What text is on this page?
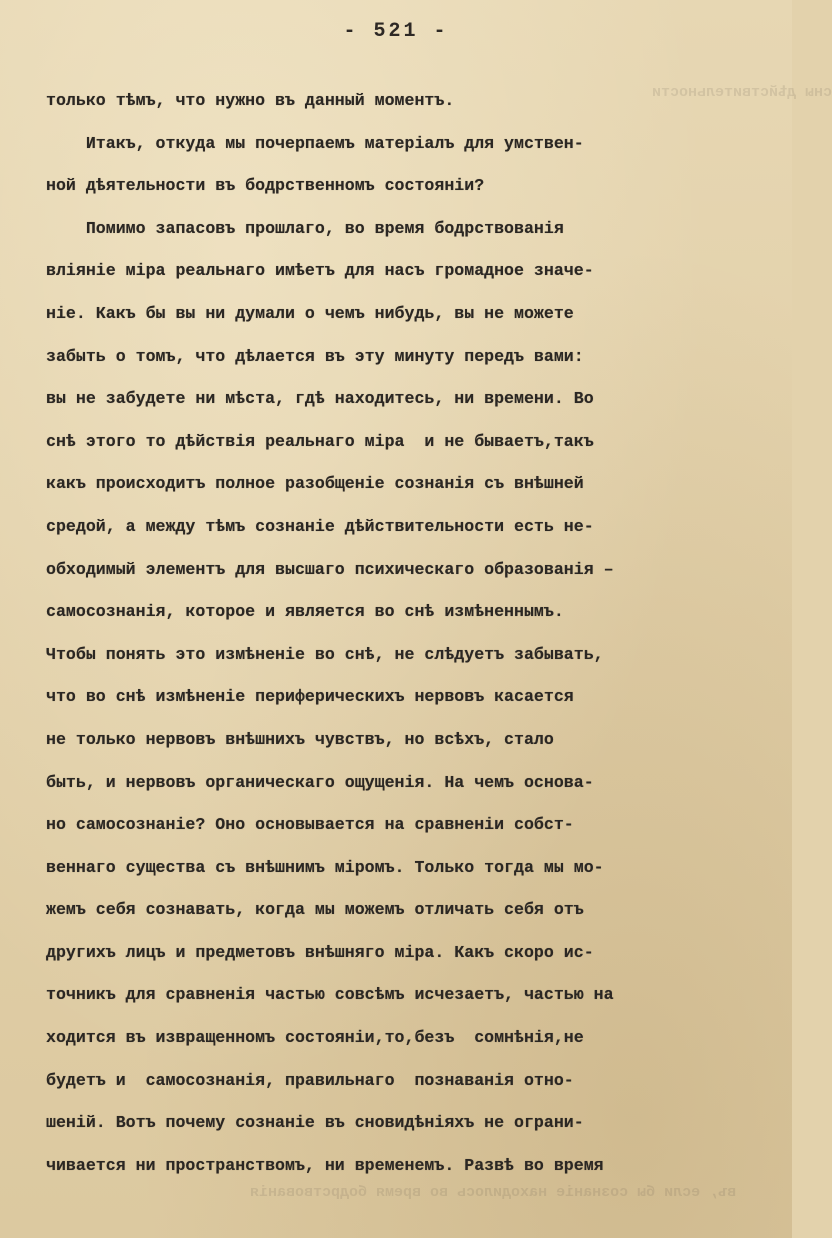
сны дѣйствительности
въ, если бы сознаніе находилось во время бодрствованія
- 521 -
только тѣмъ, что нужно въ данный моментъ.
Итакъ, откуда мы почерпаемъ матеріалъ для умствен-
ной дѣятельности въ бодрственномъ состояніи?
Помимо запасовъ прошлаго, во время бодрствованія
вліяніе міра реальнаго имѣетъ для насъ громадное значе-
ніе. Какъ бы вы ни думали о чемъ нибудь, вы не можете
забыть о томъ, что дѣлается въ эту минуту передъ вами:
вы не забудете ни мѣста, гдѣ находитесь, ни времени. Во
снѣ этого то дѣйствія реальнаго міра  и не бываетъ,такъ
какъ происходитъ полное разобщеніе сознанія съ внѣшней
средой, а между тѣмъ сознаніе дѣйствительности есть не-
обходимый элементъ для высшаго психическаго образованія –
самосознанія, которое и является во снѣ измѣненнымъ.
Чтобы понять это измѣненіе во снѣ, не слѣдуетъ забывать,
что во снѣ измѣненіе периферическихъ нервовъ касается
не только нервовъ внѣшнихъ чувствъ, но всѣхъ, стало
быть, и нервовъ органическаго ощущенія. На чемъ основа-
но самосознаніе? Оно основывается на сравненіи собст-
веннаго существа съ внѣшнимъ міромъ. Только тогда мы мо-
жемъ себя сознавать, когда мы можемъ отличать себя отъ
другихъ лицъ и предметовъ внѣшняго міра. Какъ скоро ис-
точникъ для сравненія частью совсѣмъ исчезаетъ, частью на
ходится въ извращенномъ состояніи,то,безъ  сомнѣнія,не
будетъ и  самосознанія, правильнаго  познаванія отно-
шеній. Вотъ почему сознаніе въ сновидѣніяхъ не ограни-
чивается ни пространствомъ, ни временемъ. Развѣ во время
